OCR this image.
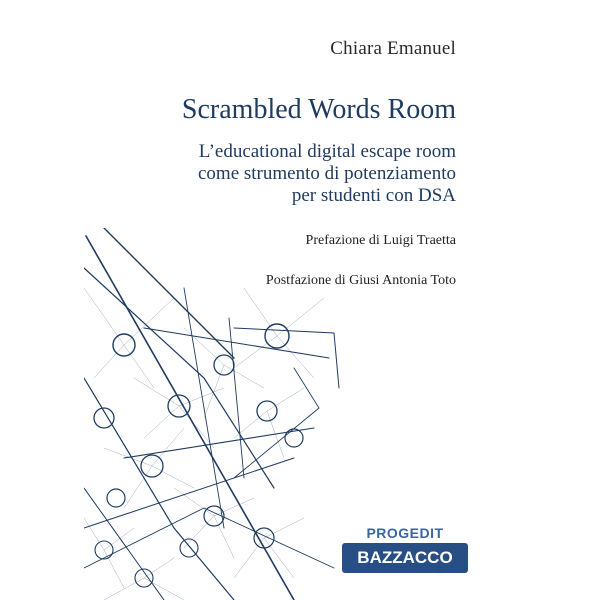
Chiara Emanuel
Scrambled Words Room
L’educational digital escape room
come strumento di potenziamento
per studenti con DSA
Prefazione di Luigi Traetta
Postfazione di Giusi Antonia Toto
PROGEDIT
BAZZACCO
